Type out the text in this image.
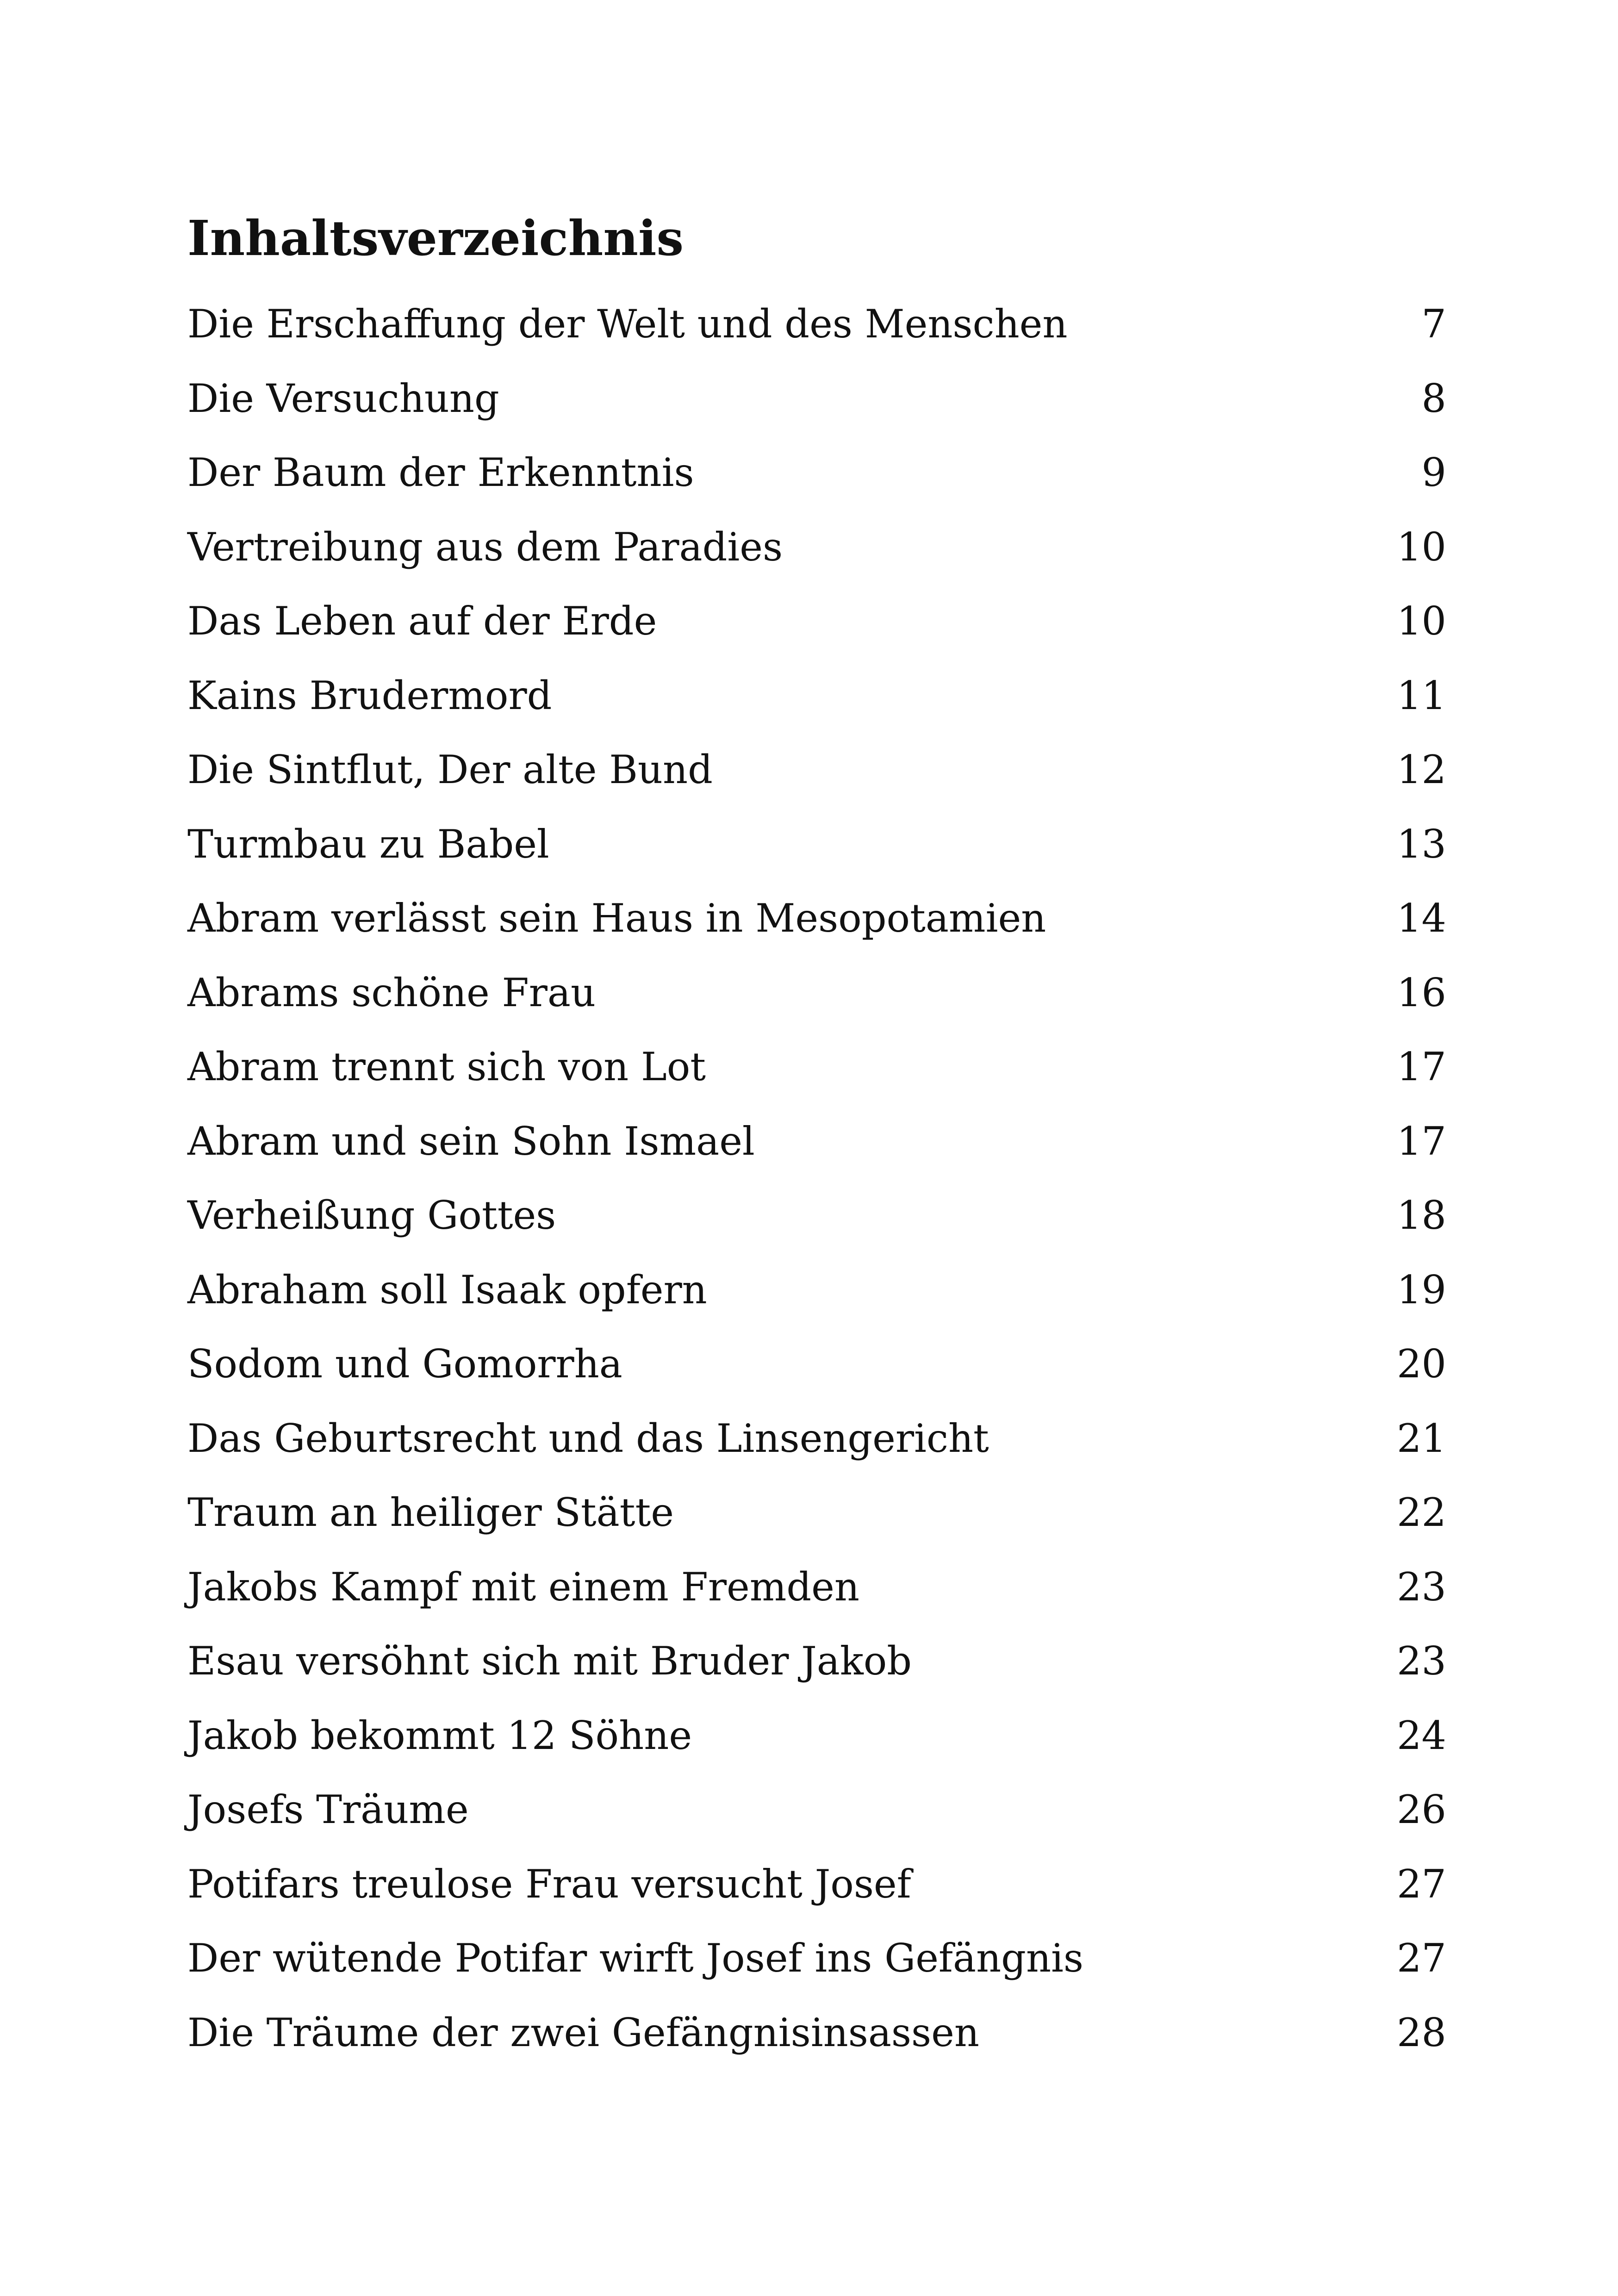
Inhaltsverzeichnis
Die Erschaffung der Welt und des Menschen	7
Die Versuchung	8
Der Baum der Erkenntnis	9
Vertreibung aus dem Paradies	10
Das Leben auf der Erde	10
Kains Brudermord	11
Die Sintflut, Der alte Bund	12
Turmbau zu Babel	13
Abram verlässt sein Haus in Mesopotamien	14
Abrams schöne Frau	16
Abram trennt sich von Lot	17
Abram und sein Sohn Ismael	17
Verheißung Gottes	18
Abraham soll Isaak opfern	19
Sodom und Gomorrha	20
Das Geburtsrecht und das Linsengericht	21
Traum an heiliger Stätte	22
Jakobs Kampf mit einem Fremden	23
Esau versöhnt sich mit Bruder Jakob	23
Jakob bekommt 12 Söhne	24
Josefs Träume	26
Potifars treulose Frau versucht Josef	27
Der wütende Potifar wirft Josef ins Gefängnis	27
Die Träume der zwei Gefängnisinsassen	28
